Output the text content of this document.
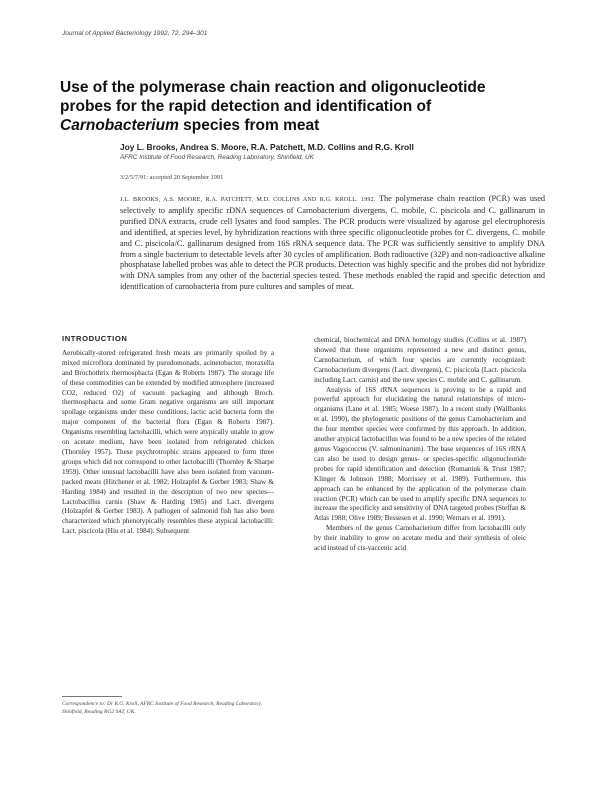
Journal of Applied Bacteriology 1992, 72, 294–301
Use of the polymerase chain reaction and oligonucleotide
probes for the rapid detection and identification of
Carnobacterium species from meat
Joy L. Brooks, Andrea S. Moore, R.A. Patchett, M.D. Collins and R.G. Kroll
AFRC Institute of Food Research, Reading Laboratory, Shinfield, UK
3/2/5/7/91: accepted 20 September 1991
J.L. BROOKS, A.S. MOORE, R.A. PATCHETT, M.D. COLLINS AND R.G. KROLL. 1992. The polymerase chain reaction (PCR) was used selectively to amplify specific rDNA sequences of Carnobacterium divergens, C. mobile, C. piscicola and C. gallinarum in purified DNA extracts, crude cell lysates and food samples. The PCR products were visualized by agarose gel electrophoresis and identified, at species level, by hybridization reactions with three specific oligonucleotide probes for C. divergens, C. mobile and C. piscicola/C. gallinarum designed from 16S rRNA sequence data. The PCR was sufficiently sensitive to amplify DNA from a single bacterium to detectable levels after 30 cycles of amplification. Both radioactive (32P) and non-radioactive alkaline phosphatase labelled probes was able to detect the PCR products. Detection was highly specific and the probes did not hybridize with DNA samples from any other of the bacterial species tested. These methods enabled the rapid and specific detection and identification of carnobacteria from pure cultures and samples of meat.
INTRODUCTION

Aerobically-stored refrigerated fresh meats are primarily spoiled by a mixed microflora dominated by pseudomonads, acinetobacter, moraxella and Brochothrix thermosphacta (Egan & Roberts 1987). The storage life of these commodities can be extended by modified atmosphere (increased CO2, reduced O2) of vacuum packaging and although Broch. thermosphacta and some Gram negative organisms are still important spoilage organisms under these conditions, lactic acid bacteria form the major component of the bacterial flora (Egan & Roberts 1987). Organisms resembling lactobacilli, which were atypically unable to grow on acetate medium, have been isolated from refrigerated chicken (Thornley 1957). These psychrotrophic strains appeared to form three groups which did not correspond to other lactobacilli (Thornley & Sharpe 1959). Other unusual lactobacilli have also been isolated from vacuum-packed meats (Hitchener et al. 1982; Holzapfel & Gerber 1983; Shaw & Harding 1984) and resulted in the description of two new species—Lactobacillus carnis (Shaw & Harding 1985) and Lact. divergens (Holzapfel & Gerber 1983). A pathogen of salmonid fish has also been characterized which phenotypically resembles these atypical lactobacilli: Lact. piscicola (Hiu et al. 1984). Subsequent

Correspondence to: Dr R.G. Kroll, AFRC Institute of Food Research, Reading Laboratory, Shinfield, Reading RG2 9AT, UK.

chemical, biochemical and DNA homology studies (Collins et al. 1987) showed that these organisms represented a new and distinct genus, Carnobacterium, of which four species are currently recognized: Carnobacterium divergens (Lact. divergens), C. piscicola (Lact. piscicola including Lact. carnis) and the new species C. mobile and C. gallinarum.

Analysis of 16S rRNA sequences is proving to be a rapid and powerful approach for elucidating the natural relationships of micro-organisms (Lane et al. 1985; Woese 1987). In a recent study (Wallbanks et al. 1990), the phylogenetic positions of the genus Carnobacterium and the four member species were confirmed by this approach. In addition, another atypical lactobacillus was found to be a new species of the related genus Vagococcus (V. salmoninarum). The base sequences of 16S rRNA can also be used to design genus- or species-specific oligonucleotide probes for rapid identification and detection (Romaniuk & Trust 1987; Klinger & Johnson 1988; Morrissey et al. 1989). Furthermore, this approach can be enhanced by the application of the polymerase chain reaction (PCR) which can be used to amplify specific DNA sequences to increase the specificity and sensitivity of DNA targeted probes (Steffan & Atlas 1988; Olive 1989; Bessesen et al. 1990; Wernars et al. 1991).

Members of the genus Carnobacterium differ from lactobacilli only by their inability to grow on acetate media and their synthesis of oleic acid instead of cis-vaccenic acid
